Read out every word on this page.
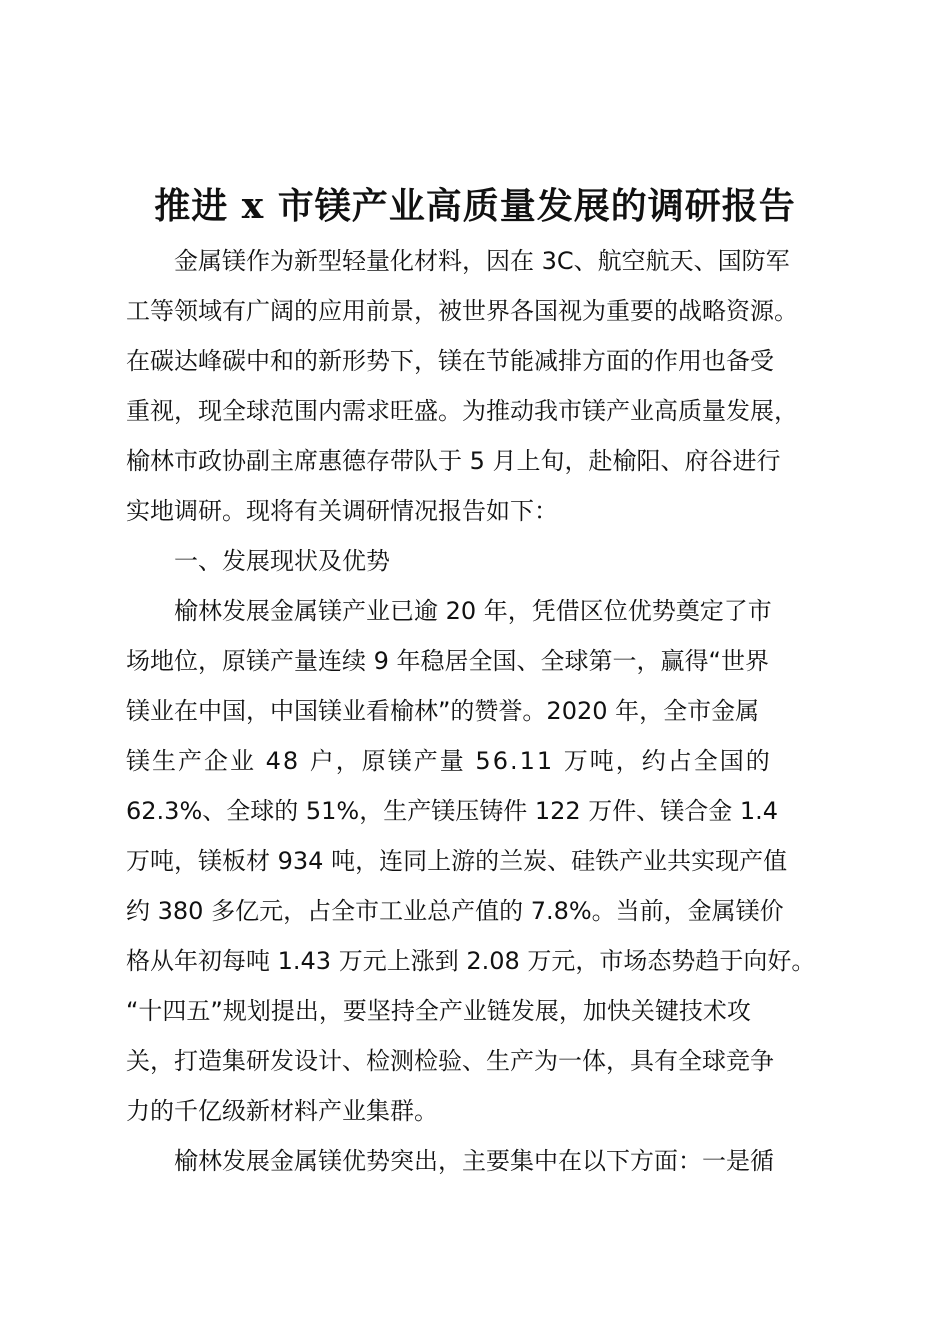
推进 x 市镁产业高质量发展的调研报告
金属镁作为新型轻量化材料，因在 3C、航空航天、国防军
工等领域有广阔的应用前景，被世界各国视为重要的战略资源。
在碳达峰碳中和的新形势下，镁在节能减排方面的作用也备受
重视，现全球范围内需求旺盛。为推动我市镁产业高质量发展，
榆林市政协副主席惠德存带队于 5 月上旬，赴榆阳、府谷进行
实地调研。现将有关调研情况报告如下：
一、发展现状及优势
榆林发展金属镁产业已逾 20 年，凭借区位优势奠定了市
场地位，原镁产量连续 9 年稳居全国、全球第一，赢得“世界
镁业在中国，中国镁业看榆林”的赞誉。2020 年，全市金属
镁生产企业 48 户，原镁产量 56.11 万吨，约占全国的
62.3%、全球的 51%，生产镁压铸件 122 万件、镁合金 1.4
万吨，镁板材 934 吨，连同上游的兰炭、硅铁产业共实现产值
约 380 多亿元，占全市工业总产值的 7.8%。当前，金属镁价
格从年初每吨 1.43 万元上涨到 2.08 万元，市场态势趋于向好。
“十四五”规划提出，要坚持全产业链发展，加快关键技术攻
关，打造集研发设计、检测检验、生产为一体，具有全球竞争
力的千亿级新材料产业集群。
榆林发展金属镁优势突出，主要集中在以下方面：一是循
